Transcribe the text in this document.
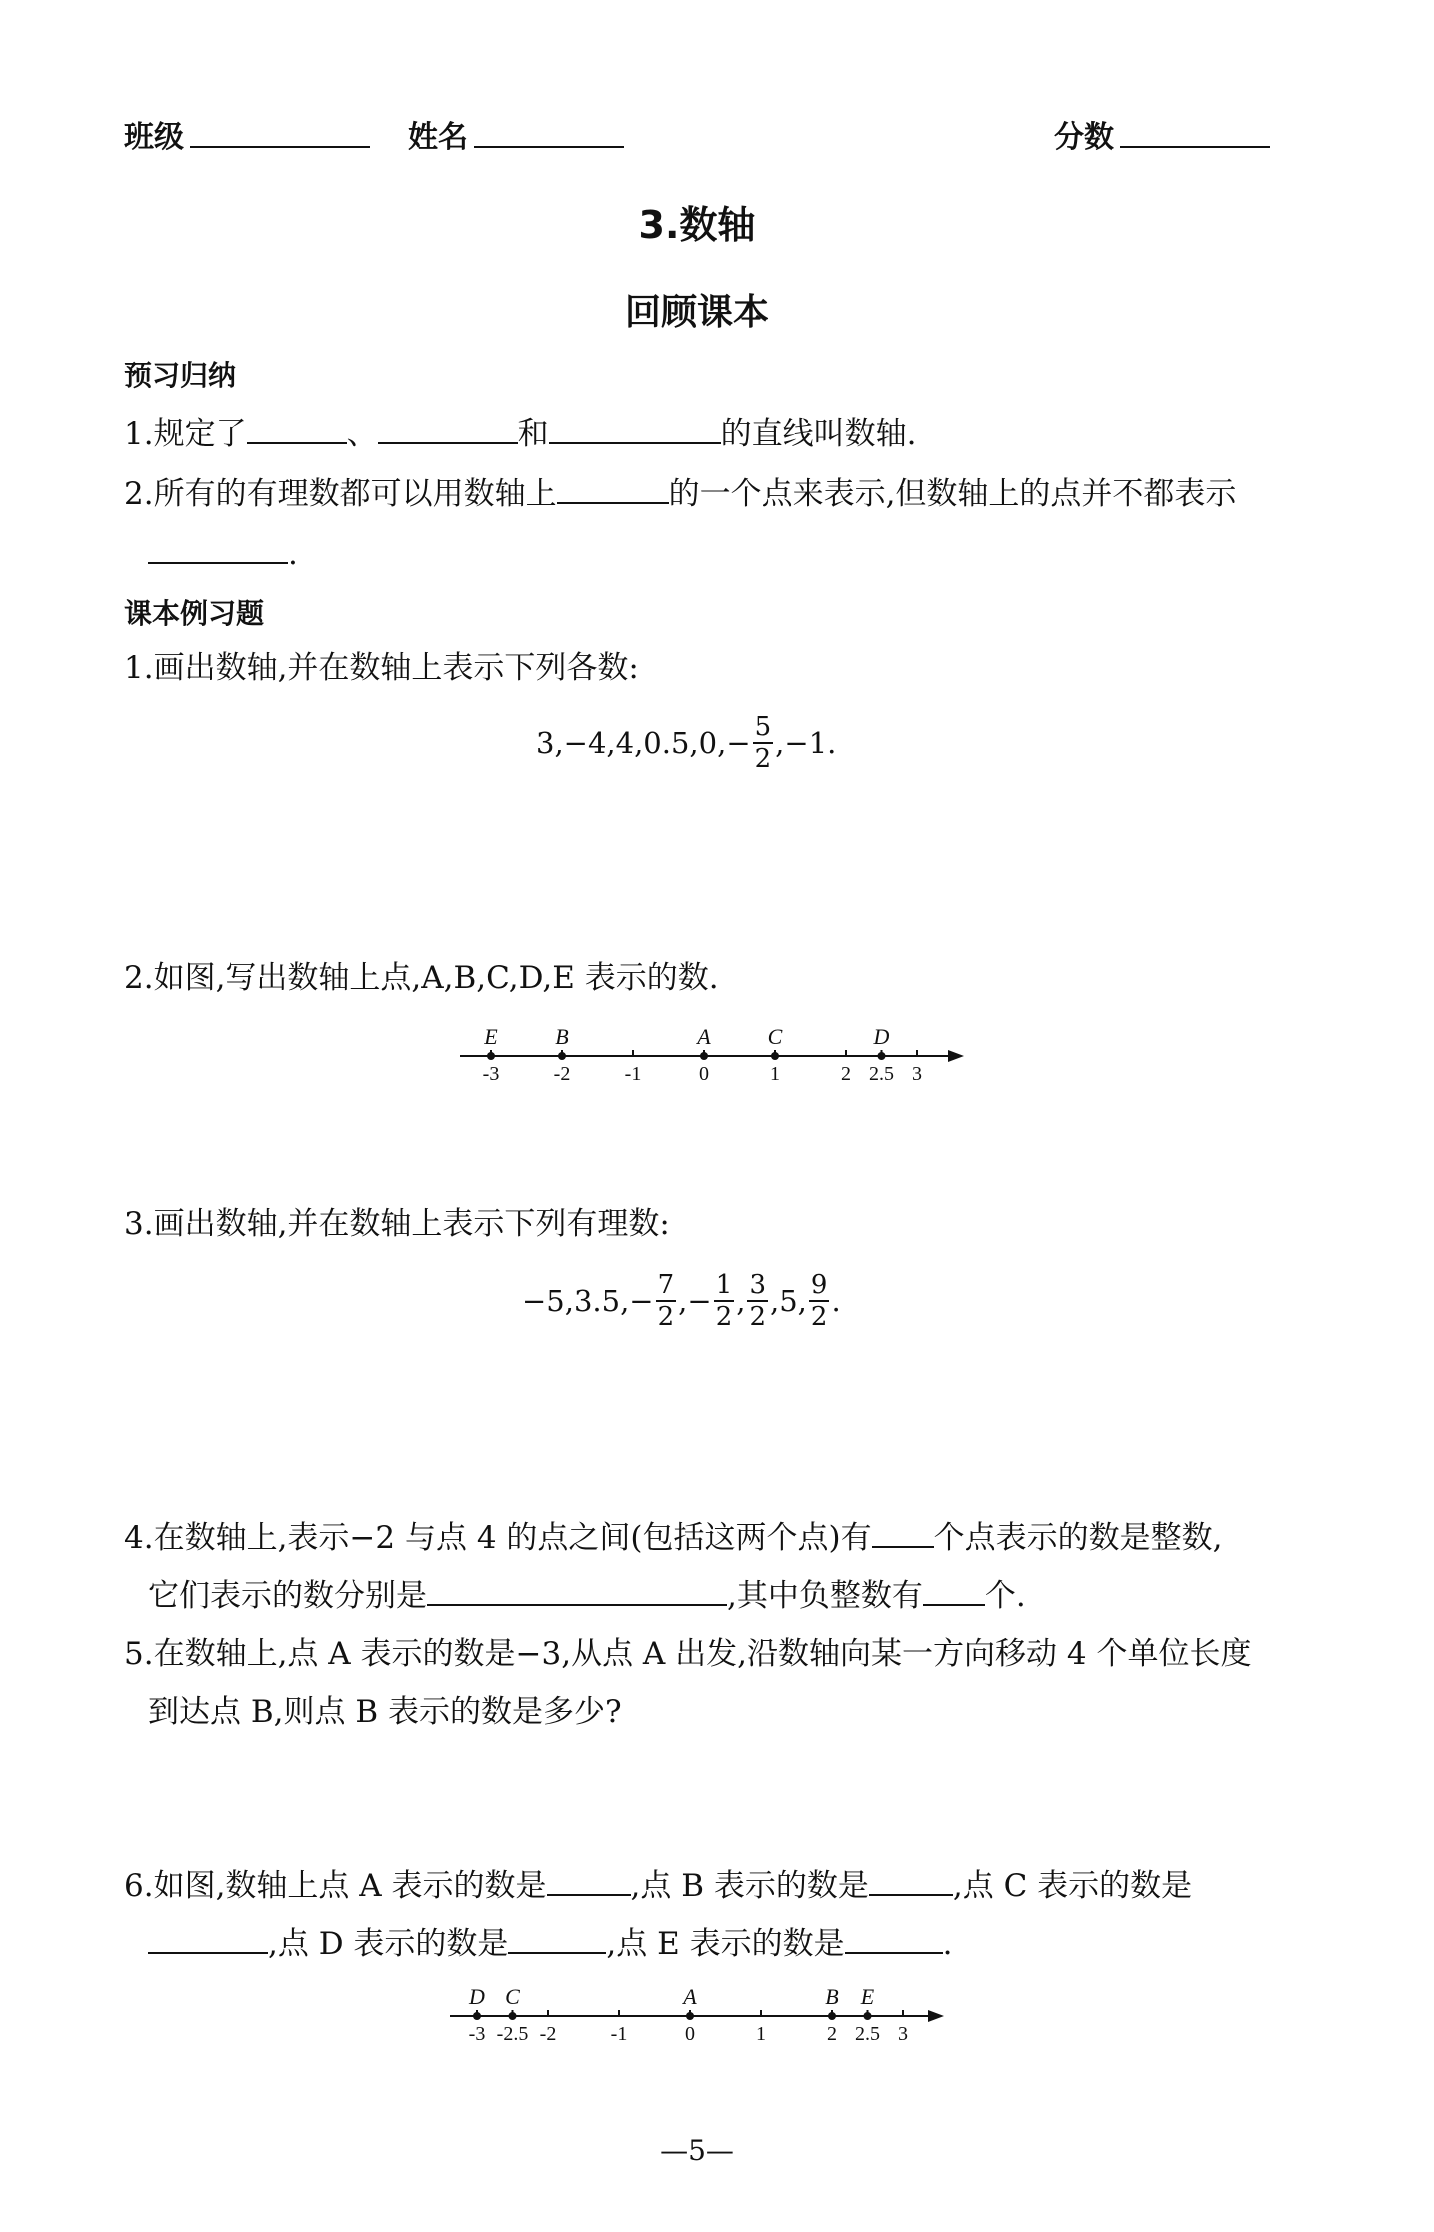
班级	姓名	分数
3.数轴
回顾课本
预习归纳
1.规定了	、	和	的直线叫数轴.
2.所有的有理数都可以用数轴上	的一个点来表示,但数轴上的点并不都表示
.
课本例习题
1.画出数轴,并在数轴上表示下列各数:
$3,-4,4,0.5,0,- \frac{5}{2} ,-1$.
2.如图,写出数轴上点,A,B,C,D,E 表示的数.
-3	-2	-1	0	1	2 2.5 3
E	B	A	C	D
3.画出数轴,并在数轴上表示下列有理数:
$-5,3.5,- \frac{7}{2}$ ,− $\frac{1}{2}$ , $\frac{3}{2} ,5$, $\frac{9}{2}$ .
4.在数轴上,表示−2 与点 4 的点之间(包括这两个点)有 个点表示的数是整数,
它们表示的数分别是	,其中负整数有 个.
5.在数轴上,点 A 表示的数是−3,从点 A 出发,沿数轴向某一方向移动 4 个单位长度
到达点 B,则点 B 表示的数是多少?
6.如图,数轴上点 A 表示的数是	,点 B 表示的数是	,点 C 表示的数是
,点 D 表示的数是	,点 E 表示的数是	.
-3 -2.5 -2	-1	0	1	2 2.5 3
D C	A	B E
—5—
